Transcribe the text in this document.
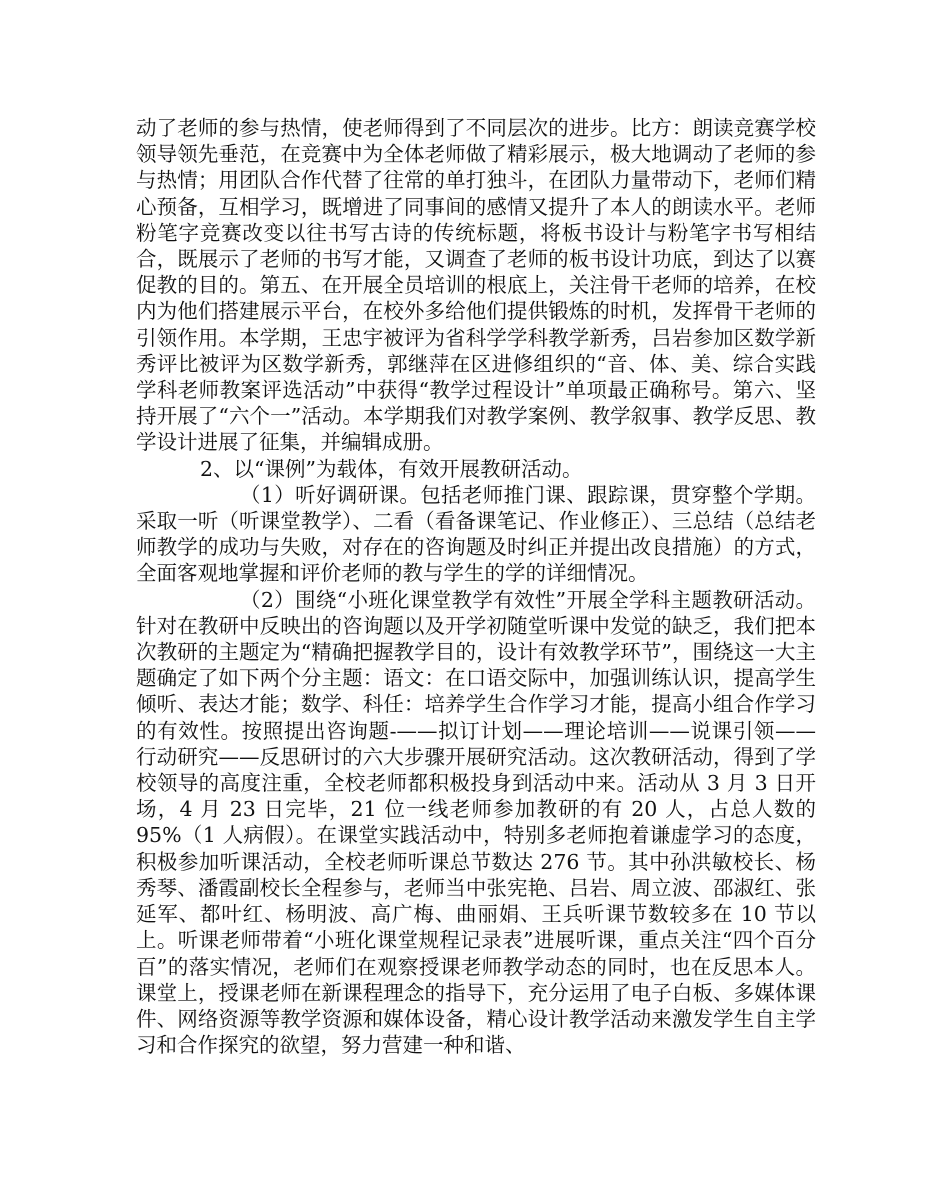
动了老师的参与热情，使老师得到了不同层次的进步。比方：朗读竞赛学校领导领先垂范，在竞赛中为全体老师做了精彩展示，极大地调动了老师的参与热情；用团队合作代替了往常的单打独斗，在团队力量带动下，老师们精心预备，互相学习，既增进了同事间的感情又提升了本人的朗读水平。老师粉笔字竞赛改变以往书写古诗的传统标题，将板书设计与粉笔字书写相结合，既展示了老师的书写才能，又调查了老师的板书设计功底，到达了以赛促教的目的。第五、在开展全员培训的根底上，关注骨干老师的培养，在校内为他们搭建展示平台，在校外多给他们提供锻炼的时机，发挥骨干老师的引领作用。本学期，王忠宇被评为省科学学科教学新秀，吕岩参加区数学新秀评比被评为区数学新秀，郭继萍在区进修组织的“音、体、美、综合实践学科老师教案评选活动”中获得“教学过程设计”单项最正确称号。第六、坚持开展了“六个一”活动。本学期我们对教学案例、教学叙事、教学反思、教学设计进展了征集，并编辑成册。

2、以“课例”为载体，有效开展教研活动。

（1）听好调研课。包括老师推门课、跟踪课，贯穿整个学期。采取一听（听课堂教学）、二看（看备课笔记、作业修正）、三总结（总结老师教学的成功与失败，对存在的咨询题及时纠正并提出改良措施）的方式，全面客观地掌握和评价老师的教与学生的学的详细情况。

（2）围绕“小班化课堂教学有效性”开展全学科主题教研活动。针对在教研中反映出的咨询题以及开学初随堂听课中发觉的缺乏，我们把本次教研的主题定为“精确把握教学目的，设计有效教学环节”，围绕这一大主题确定了如下两个分主题：语文：在口语交际中，加强训练认识，提高学生倾听、表达才能；数学、科任：培养学生合作学习才能，提高小组合作学习的有效性。按照提出咨询题-——拟订计划——理论培训——说课引领——行动研究——反思研讨的六大步骤开展研究活动。这次教研活动，得到了学校领导的高度注重，全校老师都积极投身到活动中来。活动从 3 月 3 日开场，4 月 23 日完毕，21 位一线老师参加教研的有 20 人，占总人数的 95%（1 人病假）。在课堂实践活动中，特别多老师抱着谦虚学习的态度，积极参加听课活动，全校老师听课总节数达 276 节。其中孙洪敏校长、杨秀琴、潘霞副校长全程参与，老师当中张宪艳、吕岩、周立波、邵淑红、张延军、都叶红、杨明波、高广梅、曲丽娟、王兵听课节数较多在 10 节以上。听课老师带着“小班化课堂规程记录表”进展听课，重点关注“四个百分百”的落实情况，老师们在观察授课老师教学动态的同时，也在反思本人。课堂上，授课老师在新课程理念的指导下，充分运用了电子白板、多媒体课件、网络资源等教学资源和媒体设备，精心设计教学活动来激发学生自主学习和合作探究的欲望，努力营建一种和谐、
